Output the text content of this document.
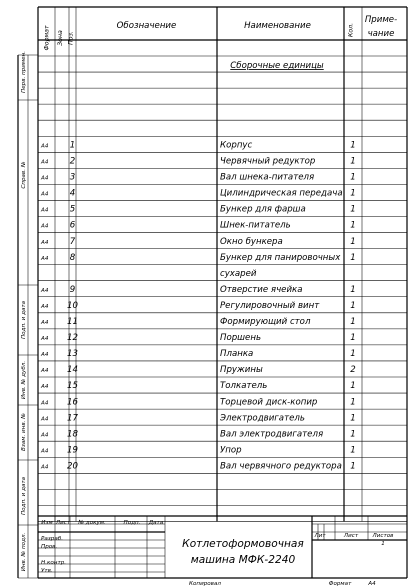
Формат Зона Поз.
Обозначение	Наименование	Кол.
Приме-
чание
Сборочные единицы
А4 1	Корпус	1
А4 2	Червячный редуктор	1
А4 3	Вал шнека-питателя	1
А4 4	Цилиндрическая передача 1
А4 5	Бункер для фарша	1
А4 6	Шнек-питатель	1
А4 7	Окно бункера	1
А4 8	Бункер для панировочных 1
сухарей
А4 9	Отверстие ячейка	1
А4 10	Регулировочный винт	1
А4 11	Формирующий стол	1
А4 12	Поршень	1
А4 13	Планка	1
А4 14	Пружины	2
А4 15	Толкатель	1
А4 16	Торцевой диск-копир	1
А4 17	Электродвигатель	1
А4 18	Вал электродвигателя	1
А4 19	Упор	1
А4 20	Вал червячного редуктора 1
Перв. примен.
Справ. №
Подп. и дата
Инв. № дубл.
Взам. инв. №
Подп. и дата
Инв. № подл.
Изм Лист № докум.	Подп. Дата
Разраб.
Пров.
Н.контр.
Утв.
Котлетоформовочная
машина МФК-2240
Лит	Лист	Листов
1
Копировал	Формат	А4
